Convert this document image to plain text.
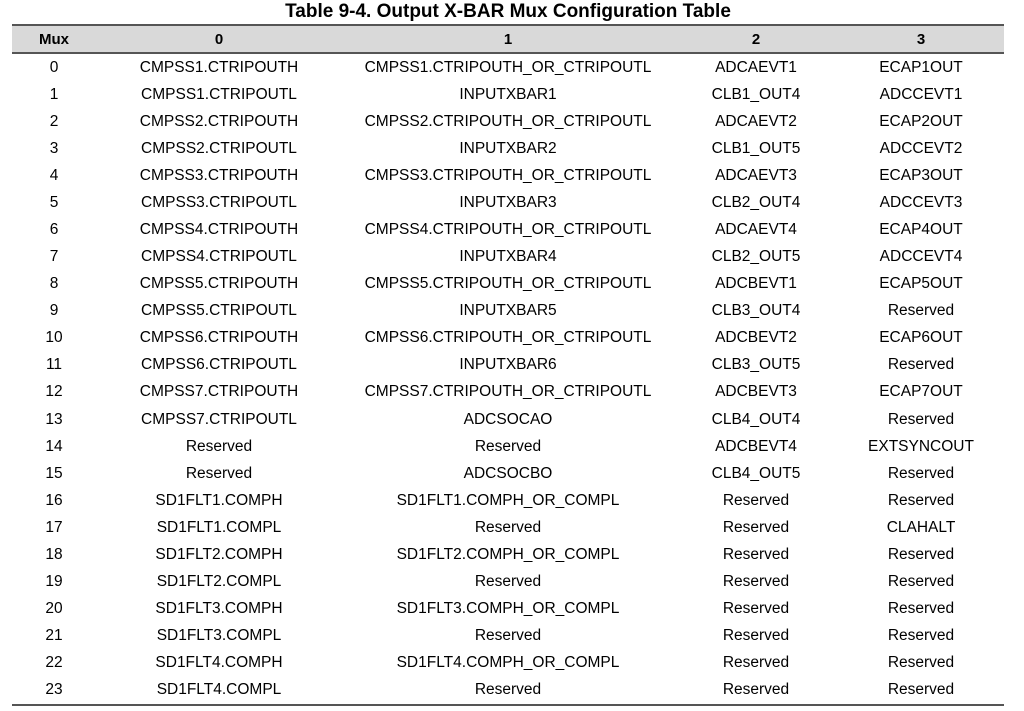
Table 9-4. Output X-BAR Mux Configuration Table
Mux	0	1	2	3
0	CMPSS1.CTRIPOUTH	CMPSS1.CTRIPOUTH_OR_CTRIPOUTL	ADCAEVT1	ECAP1OUT
1	CMPSS1.CTRIPOUTL	INPUTXBAR1	CLB1_OUT4	ADCCEVT1
2	CMPSS2.CTRIPOUTH	CMPSS2.CTRIPOUTH_OR_CTRIPOUTL	ADCAEVT2	ECAP2OUT
3	CMPSS2.CTRIPOUTL	INPUTXBAR2	CLB1_OUT5	ADCCEVT2
4	CMPSS3.CTRIPOUTH	CMPSS3.CTRIPOUTH_OR_CTRIPOUTL	ADCAEVT3	ECAP3OUT
5	CMPSS3.CTRIPOUTL	INPUTXBAR3	CLB2_OUT4	ADCCEVT3
6	CMPSS4.CTRIPOUTH	CMPSS4.CTRIPOUTH_OR_CTRIPOUTL	ADCAEVT4	ECAP4OUT
7	CMPSS4.CTRIPOUTL	INPUTXBAR4	CLB2_OUT5	ADCCEVT4
8	CMPSS5.CTRIPOUTH	CMPSS5.CTRIPOUTH_OR_CTRIPOUTL	ADCBEVT1	ECAP5OUT
9	CMPSS5.CTRIPOUTL	INPUTXBAR5	CLB3_OUT4	Reserved
10	CMPSS6.CTRIPOUTH	CMPSS6.CTRIPOUTH_OR_CTRIPOUTL	ADCBEVT2	ECAP6OUT
11	CMPSS6.CTRIPOUTL	INPUTXBAR6	CLB3_OUT5	Reserved
12	CMPSS7.CTRIPOUTH	CMPSS7.CTRIPOUTH_OR_CTRIPOUTL	ADCBEVT3	ECAP7OUT
13	CMPSS7.CTRIPOUTL	ADCSOCAO	CLB4_OUT4	Reserved
14	Reserved	Reserved	ADCBEVT4	EXTSYNCOUT
15	Reserved	ADCSOCBO	CLB4_OUT5	Reserved
16	SD1FLT1.COMPH	SD1FLT1.COMPH_OR_COMPL	Reserved	Reserved
17	SD1FLT1.COMPL	Reserved	Reserved	CLAHALT
18	SD1FLT2.COMPH	SD1FLT2.COMPH_OR_COMPL	Reserved	Reserved
19	SD1FLT2.COMPL	Reserved	Reserved	Reserved
20	SD1FLT3.COMPH	SD1FLT3.COMPH_OR_COMPL	Reserved	Reserved
21	SD1FLT3.COMPL	Reserved	Reserved	Reserved
22	SD1FLT4.COMPH	SD1FLT4.COMPH_OR_COMPL	Reserved	Reserved
23	SD1FLT4.COMPL	Reserved	Reserved	Reserved
